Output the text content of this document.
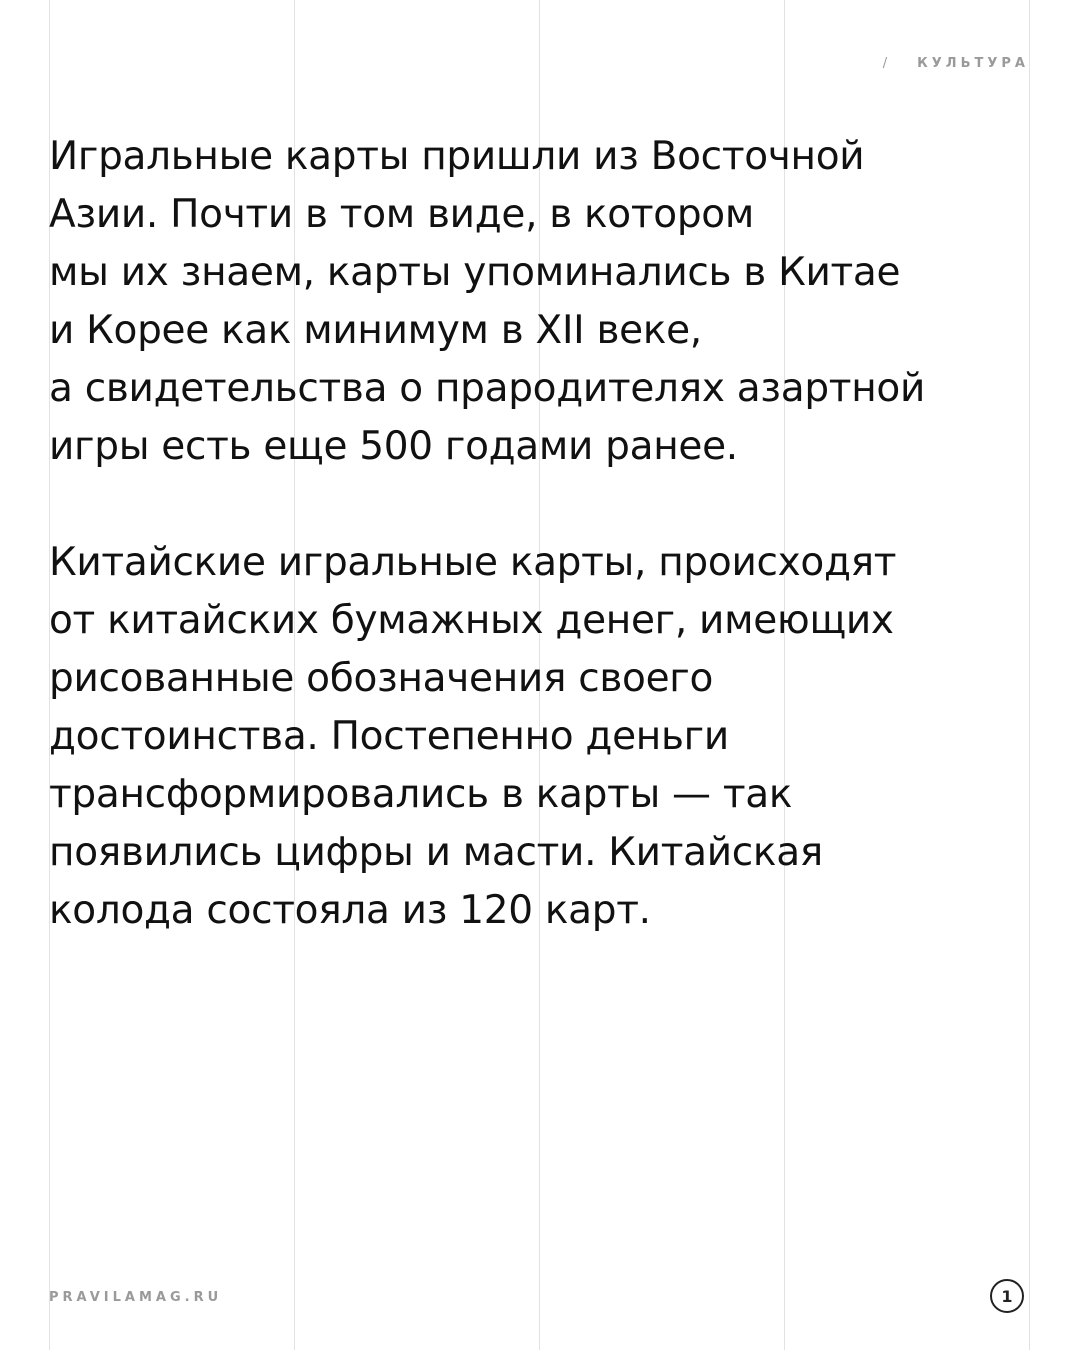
/ КУЛЬТУРА

Игральные карты пришли из Восточной
Азии. Почти в том виде, в котором
мы их знаем, карты упоминались в Китае
и Корее как минимум в XII веке,
а свидетельства о прародителях азартной
игры есть еще 500 годами ранее.

Китайские игральные карты, происходят
от китайских бумажных денег, имеющих
рисованные обозначения своего
достоинства. Постепенно деньги
трансформировались в карты — так
появились цифры и масти. Китайская
колода состояла из 120 карт.

PRAVILAMAG.RU	1
